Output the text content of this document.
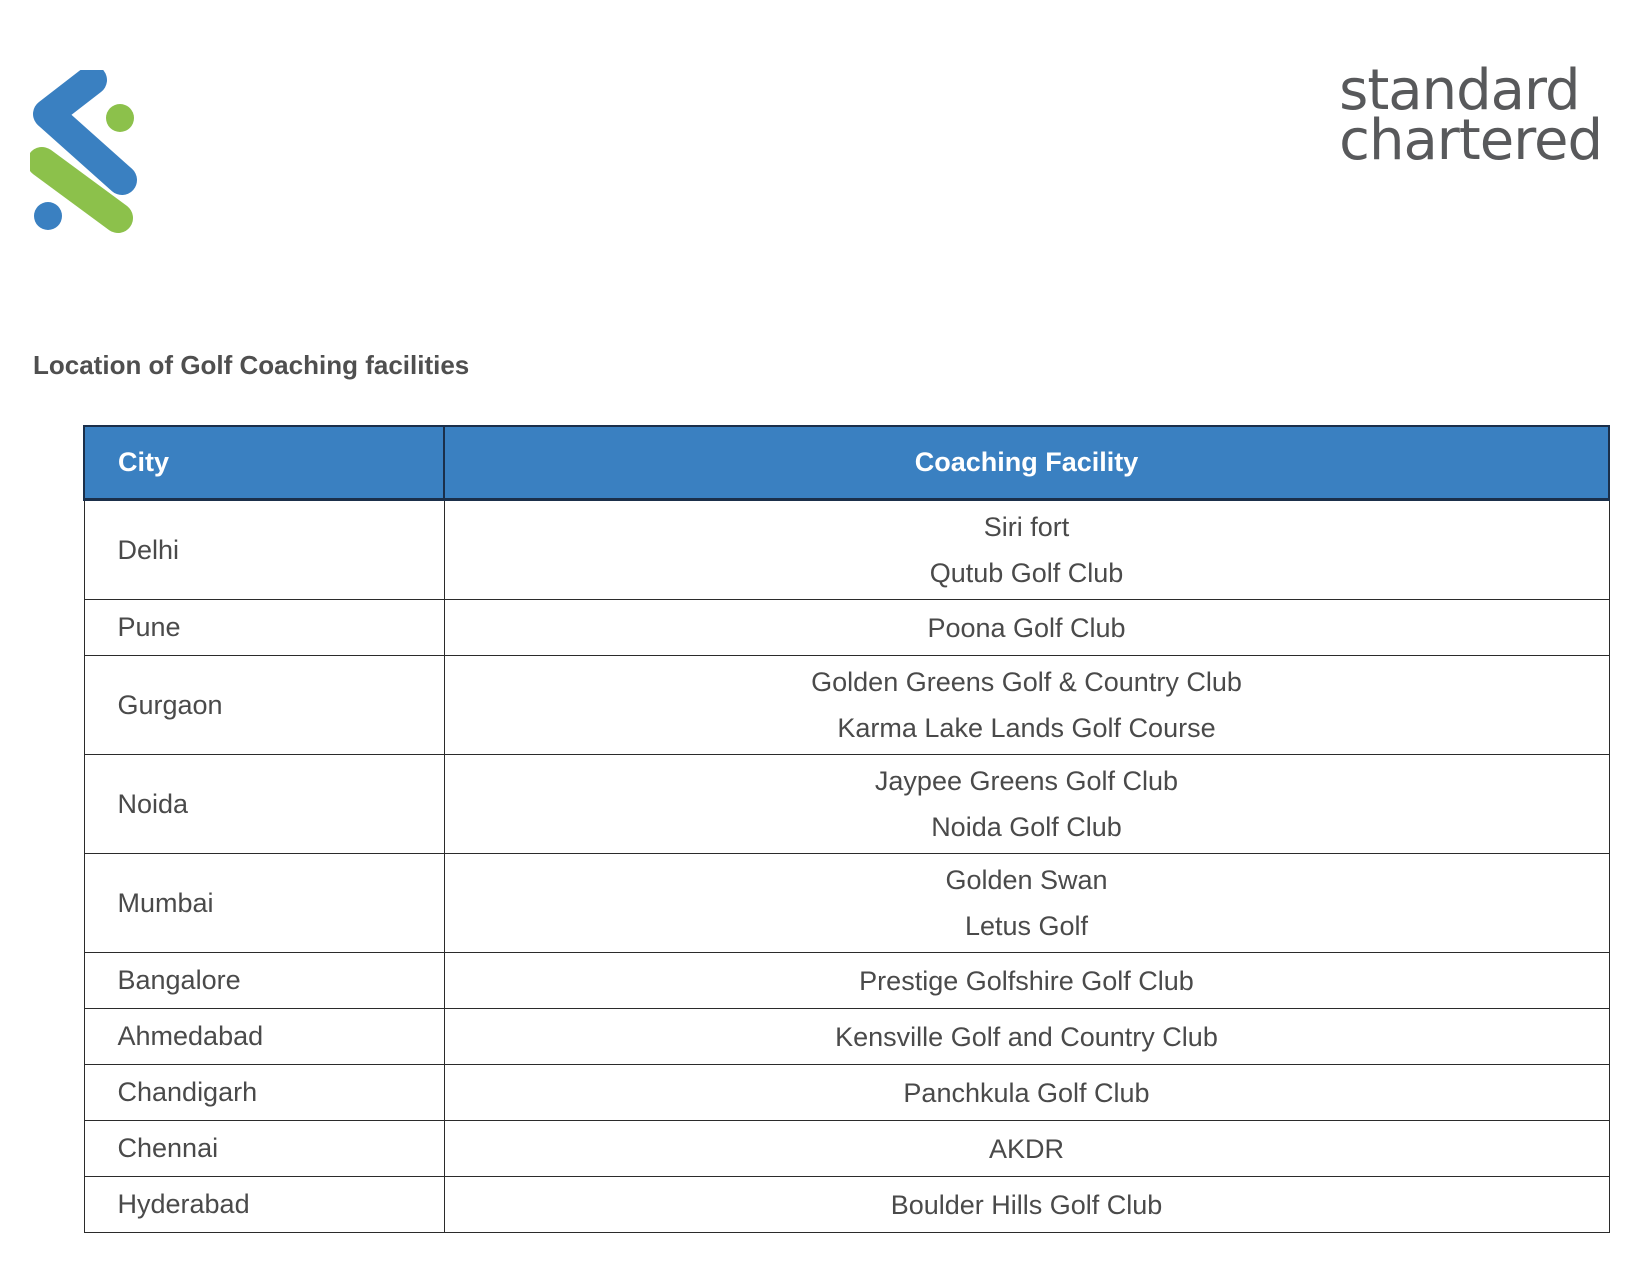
standard
chartered
Location of Golf Coaching facilities
City	Coaching Facility
Delhi	Siri fort
Qutub Golf Club

Pune	Poona Golf Club

Gurgaon	Golden Greens Golf & Country Club
Karma Lake Lands Golf Course

Noida	Jaypee Greens Golf Club
Noida Golf Club

Mumbai	Golden Swan
Letus Golf

Bangalore	Prestige Golfshire Golf Club

Ahmedabad	Kensville Golf and Country Club

Chandigarh	Panchkula Golf Club

Chennai	AKDR

Hyderabad	Boulder Hills Golf Club
